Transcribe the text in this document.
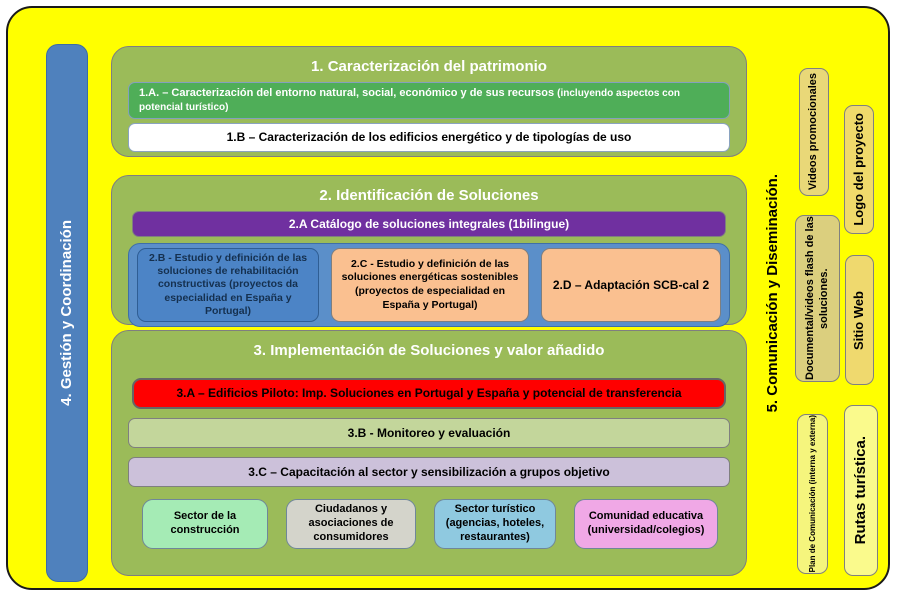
4. Gestión y Coordinación
1. Caracterización del patrimonio
1.A. – Caracterización del entorno natural, social, económico y de sus recursos (incluyendo aspectos con potencial turístico)
1.B – Caracterización de los edificios energético y de tipologías de uso
2. Identificación de Soluciones
2.A Catálogo de soluciones integrales (1bilingue)
2.B - Estudio y definición de las soluciones de rehabilitación constructivas (proyectos da especialidad en España y Portugal)
2.C - Estudio y definición de las soluciones energéticas sostenibles (proyectos de especialidad en España y Portugal)
2.D – Adaptación SCB-cal 2
3. Implementación de Soluciones y valor añadido
3.A – Edificios Piloto: Imp. Soluciones en Portugal y España y potencial de transferencia
3.B - Monitoreo y evaluación
3.C – Capacitación al sector y sensibilización a grupos objetivo
Sector de la construcción
Ciudadanos y asociaciones de consumidores
Sector turístico (agencias, hoteles, restaurantes)
Comunidad educativa (universidad/colegios)
5. Comunicación y Diseminación.
Videos promocionales Logo del proyecto
Documental/videos flash de las soluciones. Sitio Web
Plan de Comunicación (interna y externa) Rutas turística.
